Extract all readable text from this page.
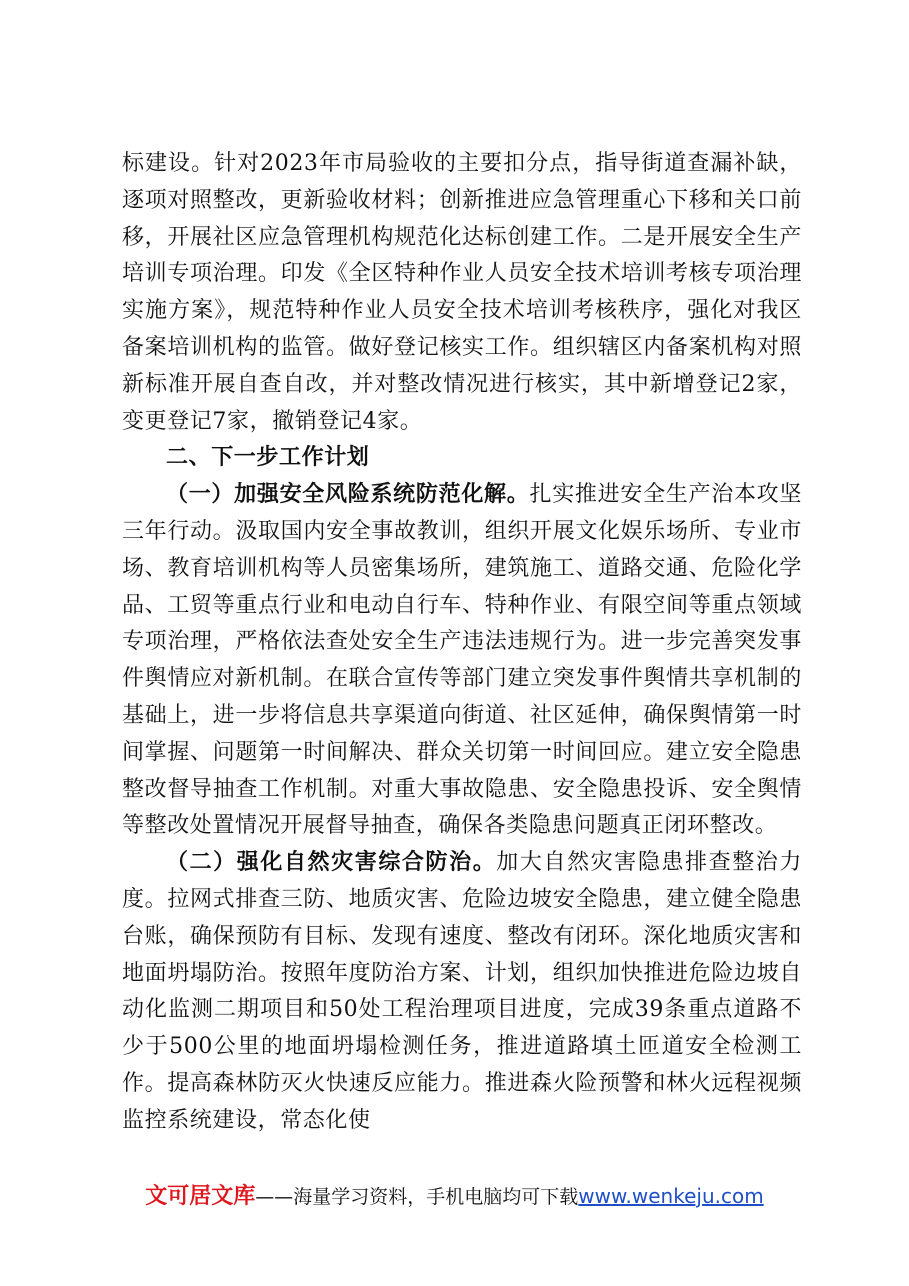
标建设。针对2023年市局验收的主要扣分点，指导街道查漏补缺，逐项对照整改，更新验收材料；创新推进应急管理重心下移和关口前移，开展社区应急管理机构规范化达标创建工作。二是开展安全生产培训专项治理。印发《全区特种作业人员安全技术培训考核专项治理实施方案》，规范特种作业人员安全技术培训考核秩序，强化对我区备案培训机构的监管。做好登记核实工作。组织辖区内备案机构对照新标准开展自查自改，并对整改情况进行核实，其中新增登记2家，变更登记7家，撤销登记4家。

二、下一步工作计划

（一）加强安全风险系统防范化解。扎实推进安全生产治本攻坚三年行动。汲取国内安全事故教训，组织开展文化娱乐场所、专业市场、教育培训机构等人员密集场所，建筑施工、道路交通、危险化学品、工贸等重点行业和电动自行车、特种作业、有限空间等重点领域专项治理，严格依法查处安全生产违法违规行为。进一步完善突发事件舆情应对新机制。在联合宣传等部门建立突发事件舆情共享机制的基础上，进一步将信息共享渠道向街道、社区延伸，确保舆情第一时间掌握、问题第一时间解决、群众关切第一时间回应。建立安全隐患整改督导抽查工作机制。对重大事故隐患、安全隐患投诉、安全舆情等整改处置情况开展督导抽查，确保各类隐患问题真正闭环整改。

（二）强化自然灾害综合防治。加大自然灾害隐患排查整治力度。拉网式排查三防、地质灾害、危险边坡安全隐患，建立健全隐患台账，确保预防有目标、发现有速度、整改有闭环。深化地质灾害和地面坍塌防治。按照年度防治方案、计划，组织加快推进危险边坡自动化监测二期项目和50处工程治理项目进度，完成39条重点道路不少于500公里的地面坍塌检测任务，推进道路填土匝道安全检测工作。提高森林防灭火快速反应能力。推进森火险预警和林火远程视频监控系统建设，常态化使

文可居文库——海量学习资料，手机电脑均可下载www.wenkeju.com
